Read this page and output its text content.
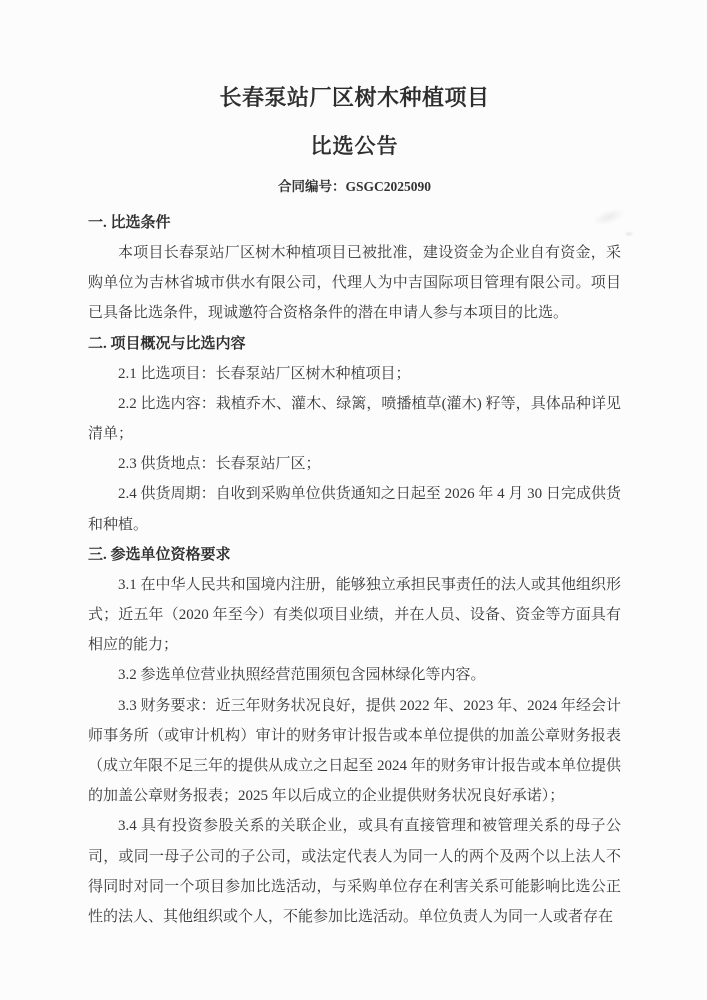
长春泵站厂区树木种植项目
比选公告
合同编号：GSGC2025090
一. 比选条件

本项目长春泵站厂区树木种植项目已被批准，建设资金为企业自有资金，采购单位为吉林省城市供水有限公司，代理人为中吉国际项目管理有限公司。项目已具备比选条件，现诚邀符合资格条件的潜在申请人参与本项目的比选。

二. 项目概况与比选内容

2.1 比选项目：长春泵站厂区树木种植项目；

2.2 比选内容：栽植乔木、灌木、绿篱，喷播植草(灌木) 籽等，具体品种详见清单；

2.3 供货地点：长春泵站厂区；

2.4 供货周期：自收到采购单位供货通知之日起至 2026 年 4 月 30 日完成供货和种植。

三. 参选单位资格要求

3.1 在中华人民共和国境内注册，能够独立承担民事责任的法人或其他组织形式；近五年（2020 年至今）有类似项目业绩，并在人员、设备、资金等方面具有相应的能力；

3.2 参选单位营业执照经营范围须包含园林绿化等内容。

3.3 财务要求：近三年财务状况良好，提供 2022 年、2023 年、2024 年经会计师事务所（或审计机构）审计的财务审计报告或本单位提供的加盖公章财务报表（成立年限不足三年的提供从成立之日起至 2024 年的财务审计报告或本单位提供的加盖公章财务报表；2025 年以后成立的企业提供财务状况良好承诺）；

3.4 具有投资参股关系的关联企业，或具有直接管理和被管理关系的母子公司，或同一母子公司的子公司，或法定代表人为同一人的两个及两个以上法人不得同时对同一个项目参加比选活动，与采购单位存在利害关系可能影响比选公正性的法人、其他组织或个人，不能参加比选活动。单位负责人为同一人或者存在
